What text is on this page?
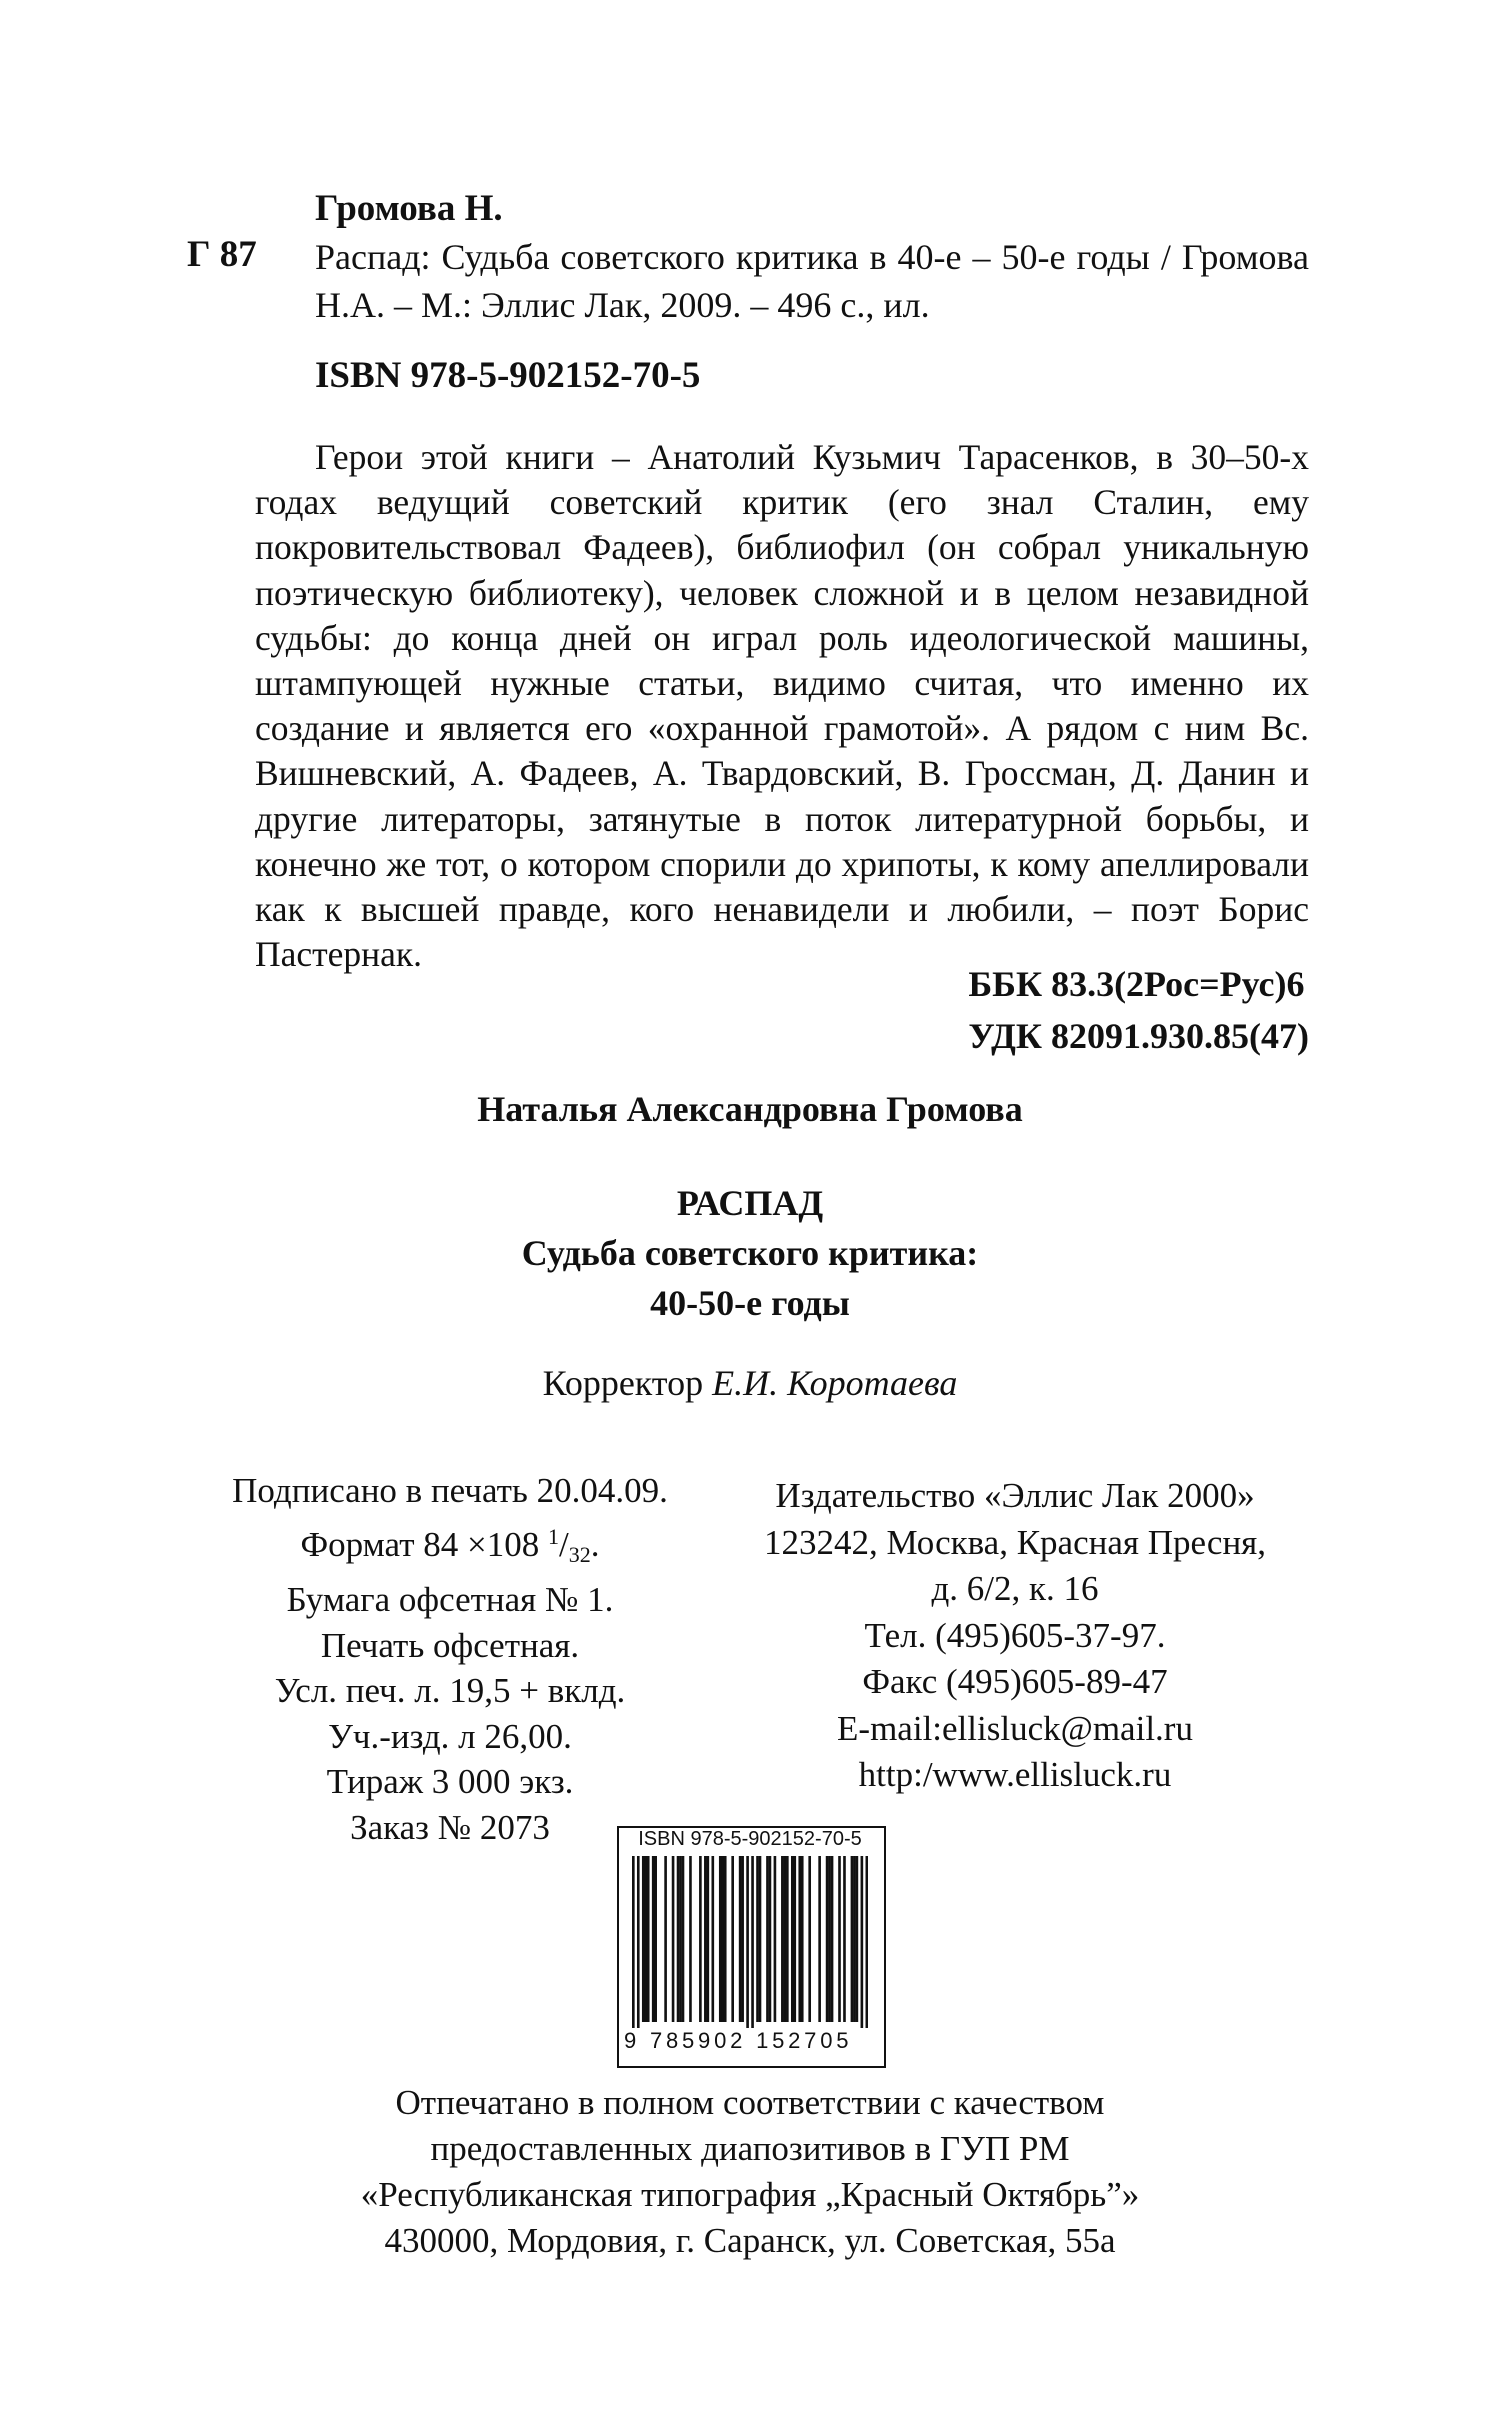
Громова Н.
Г 87 Распад: Судьба советского критика в 40-е – 50-е годы / Громова Н.А. – М.: Эллис Лак, 2009. – 496 с., ил.

ISBN 978-5-902152-70-5
Герои этой книги – Анатолий Кузьмич Тарасенков, в 30–50-х годах ведущий советский критик (его знал Сталин, ему покровительствовал Фадеев), библиофил (он собрал уникальную поэтическую библиотеку), человек сложной и в целом незавидной судьбы: до конца дней он играл роль идеологической машины, штампующей нужные статьи, видимо считая, что именно их создание и является его «охранной грамотой». А рядом с ним Вс. Вишневский, А. Фадеев, А. Твардовский, В. Гроссман, Д. Данин и другие литераторы, затянутые в поток литературной борьбы, и конечно же тот, о котором спорили до хрипоты, к кому апеллировали как к высшей правде, кого ненавидели и любили, – поэт Борис Пастернак.
ББК 83.3(2Рос=Рус)6
УДК 82091.930.85(47)
Наталья Александровна Громова
РАСПАД
Судьба советского критика:
40-50-е годы
Корректор Е.И. Коротаева
Подписано в печать 20.04.09.
Формат 84 ×108 $^1/_{32}$.
Бумага офсетная № 1.
Печать офсетная.
Усл. печ. л. 19,5 + вклд.
Уч.-изд. л 26,00.
Тираж 3 000 экз.
Заказ № 2073
Издательство «Эллис Лак 2000»
123242, Москва, Красная Пресня,
д. 6/2, к. 16
Тел. (495)605-37-97.
Факс (495)605-89-47
E-mail:ellisluck@mail.ru
http:/www.ellisluck.ru
ISBN 978-5-902152-70-5
9 785902 152705
Отпечатано в полном соответствии с качеством
предоставленных диапозитивов в ГУП РМ
«Республиканская типография „Красный Октябрь”»
430000, Мордовия, г. Саранск, ул. Советская, 55а
